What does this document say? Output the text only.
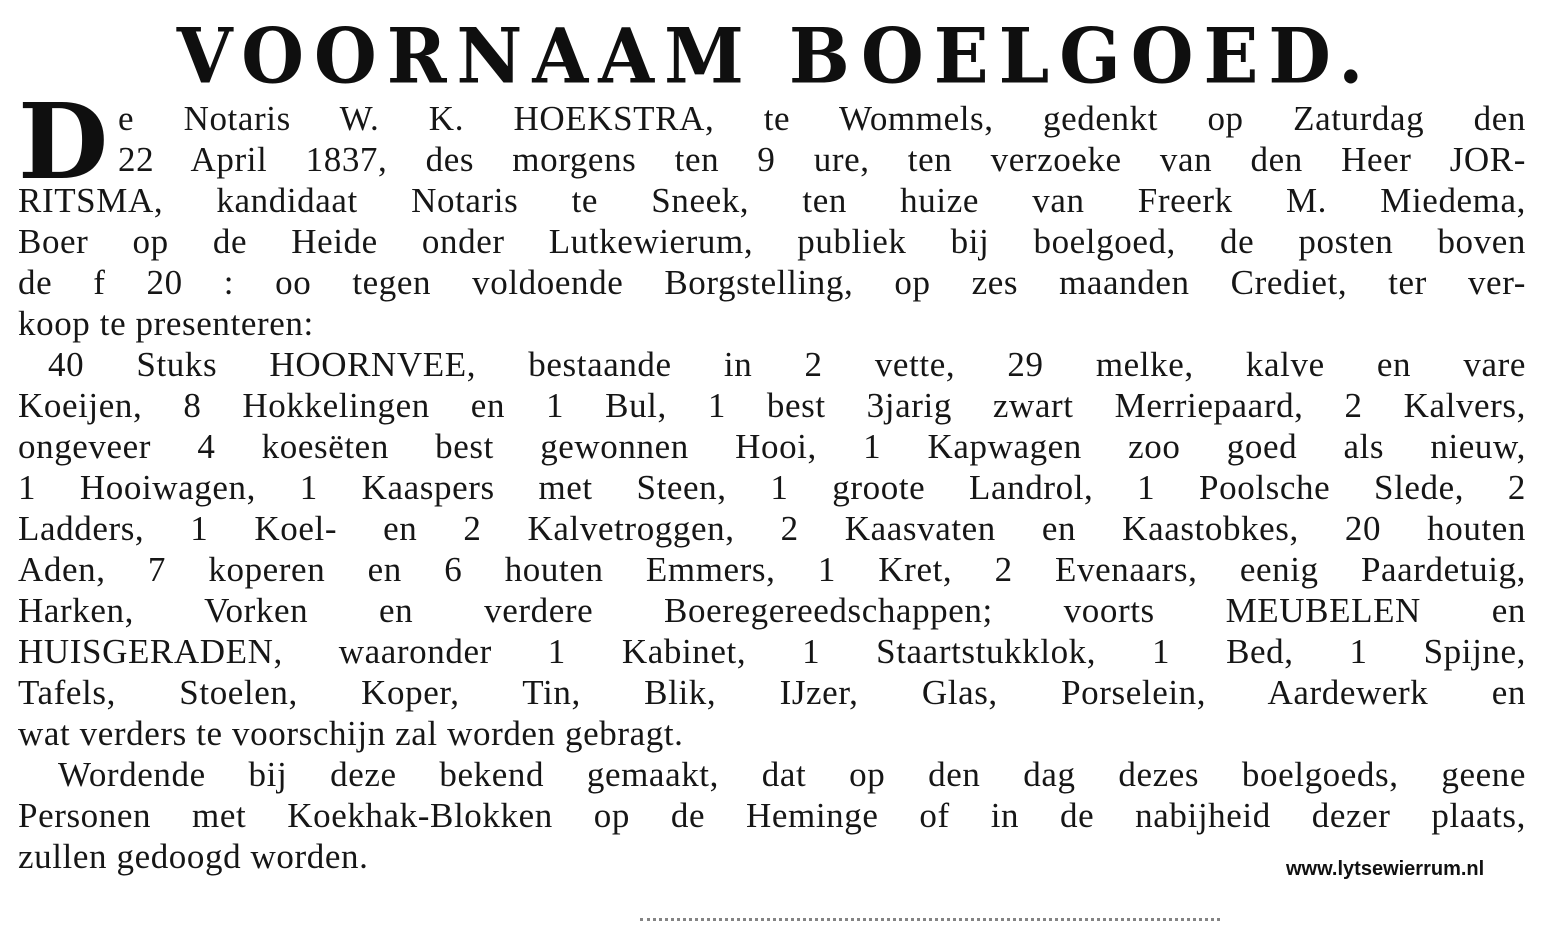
VOORNAAM BOELGOED.
D e Notaris W. K. HOEKSTRA, te Wommels, gedenkt op Zaturdag den
22 April 1837, des morgens ten 9 ure, ten verzoeke van den Heer JOR-
RITSMA, kandidaat Notaris te Sneek, ten huize van Freerk M. Miedema,
Boer op de Heide onder Lutkewierum, publiek bij boelgoed, de posten boven
de f 20 : oo tegen voldoende Borgstelling, op zes maanden Crediet, ter ver-
koop te presenteren:
40 Stuks HOORNVEE, bestaande in 2 vette, 29 melke, kalve en vare
Koeijen, 8 Hokkelingen en 1 Bul, 1 best 3jarig zwart Merriepaard, 2 Kalvers,
ongeveer 4 koesëten best gewonnen Hooi, 1 Kapwagen zoo goed als nieuw,
1 Hooiwagen, 1 Kaaspers met Steen, 1 groote Landrol, 1 Poolsche Slede, 2
Ladders, 1 Koel- en 2 Kalvetroggen, 2 Kaasvaten en Kaastobkes, 20 houten
Aden, 7 koperen en 6 houten Emmers, 1 Kret, 2 Evenaars, eenig Paardetuig,
Harken, Vorken en verdere Boeregereedschappen; voorts MEUBELEN en
HUISGERADEN, waaronder 1 Kabinet, 1 Staartstukklok, 1 Bed, 1 Spijne,
Tafels, Stoelen, Koper, Tin, Blik, IJzer, Glas, Porselein, Aardewerk en
wat verders te voorschijn zal worden gebragt.
Wordende bij deze bekend gemaakt, dat op den dag dezes boelgoeds, geene
Personen met Koekhak-Blokken op de Heminge of in de nabijheid dezer plaats,
zullen gedoogd worden.	www.lytsewierrum.nl
